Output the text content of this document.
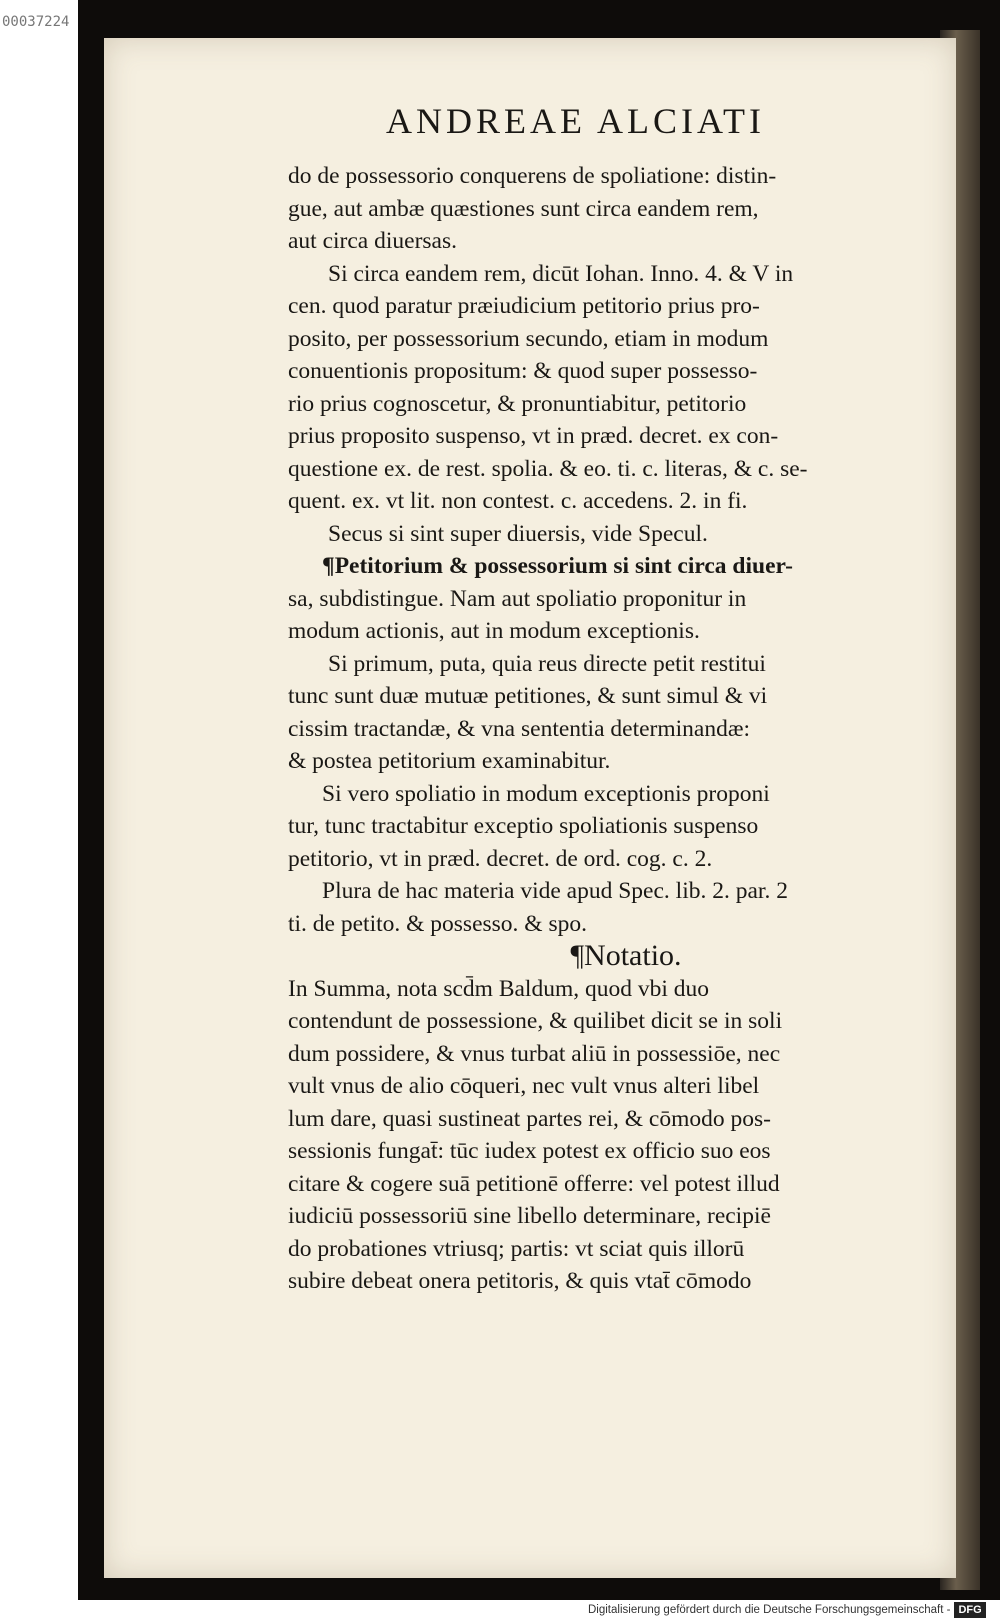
00037224
ANDREAE ALCIATI
do de possessorio conquerens de spoliatione: distin-
gue, aut ambæ quæstiones sunt circa eandem rem,
aut circa diuersas.
Si circa eandem rem, dicūt Iohan. Inno. 4. & V in
cen. quod paratur præiudicium petitorio prius pro-
posito, per possessorium secundo, etiam in modum
conuentionis propositum: & quod super possesso-
rio prius cognoscetur, & pronuntiabitur, petitorio
prius proposito suspenso, vt in præd. decret. ex con-
questione ex. de rest. spolia. & eo. ti. c. literas, & c. se-
quent. ex. vt lit. non contest. c. accedens. 2. in fi.
Secus si sint super diuersis, vide Specul.
¶Petitorium & possessorium si sint circa diuer-
sa, subdistingue. Nam aut spoliatio proponitur in
modum actionis, aut in modum exceptionis.
Si primum, puta, quia reus directe petit restitui
tunc sunt duæ mutuæ petitiones, & sunt simul & vi
cissim tractandæ, & vna sententia determinandæ:
& postea petitorium examinabitur.
Si vero spoliatio in modum exceptionis proponi
tur, tunc tractabitur exceptio spoliationis suspenso
petitorio, vt in præd. decret. de ord. cog. c. 2.
Plura de hac materia vide apud Spec. lib. 2. par. 2
ti. de petito. & possesso. & spo.
¶Notatio.
In Summa, nota scd̄m Baldum, quod vbi duo
contendunt de possessione, & quilibet dicit se in soli
dum possidere, & vnus turbat aliū in possessiōe, nec
vult vnus de alio cōqueri, nec vult vnus alteri libel
lum dare, quasi sustineat partes rei, & cōmodo pos-
sessionis fungat̄: tūc iudex potest ex officio suo eos
citare & cogere suā petitionē offerre: vel potest illud
iudiciū possessoriū sine libello determinare, recipiē
do probationes vtriusq; partis: vt sciat quis illorū
subire debeat onera petitoris, & quis vtat̄ cōmodo
Digitalisierung gefördert durch die Deutsche Forschungsgemeinschaft - DFG
